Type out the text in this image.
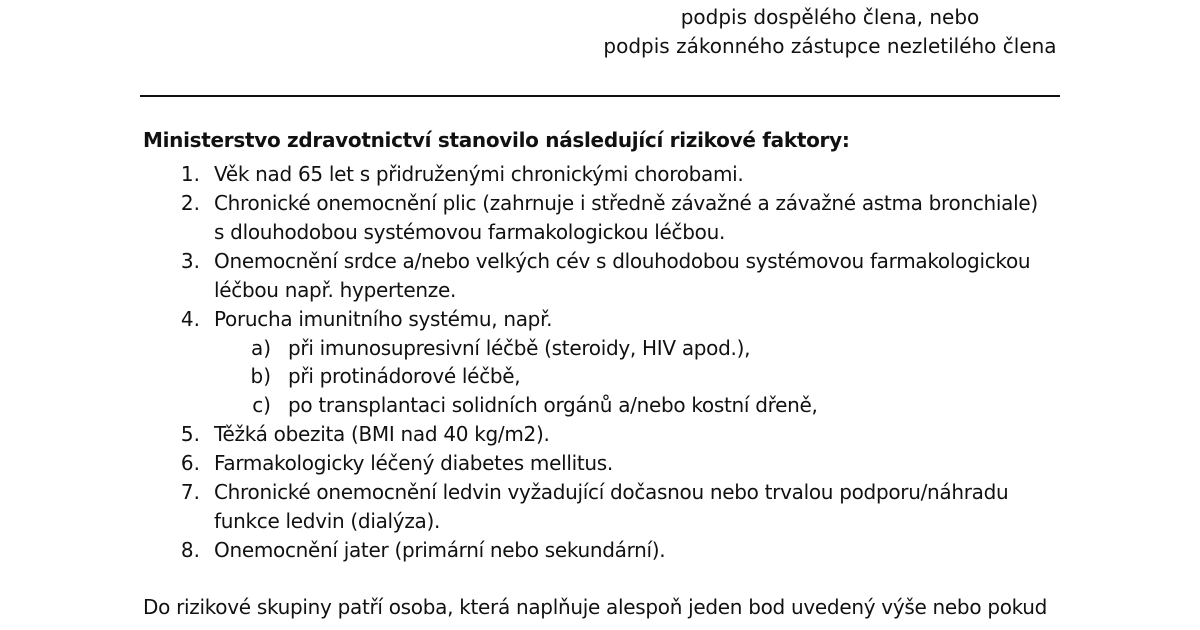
podpis dospělého člena, nebo
podpis zákonného zástupce nezletilého člena
Ministerstvo zdravotnictví stanovilo následující rizikové faktory:
1. Věk nad 65 let s přidruženými chronickými chorobami.
2. Chronické onemocnění plic (zahrnuje i středně závažné a závažné astma bronchiale)
s dlouhodobou systémovou farmakologickou léčbou.
3. Onemocnění srdce a/nebo velkých cév s dlouhodobou systémovou farmakologickou
léčbou např. hypertenze.
4. Porucha imunitního systému, např.
a) při imunosupresivní léčbě (steroidy, HIV apod.),
b) při protinádorové léčbě,
c) po transplantaci solidních orgánů a/nebo kostní dřeně,
5. Těžká obezita (BMI nad 40 kg/m2).
6. Farmakologicky léčený diabetes mellitus.
7. Chronické onemocnění ledvin vyžadující dočasnou nebo trvalou podporu/náhradu
funkce ledvin (dialýza).
8. Onemocnění jater (primární nebo sekundární).
Do rizikové skupiny patří osoba, která naplňuje alespoň jeden bod uvedený výše nebo pokud
